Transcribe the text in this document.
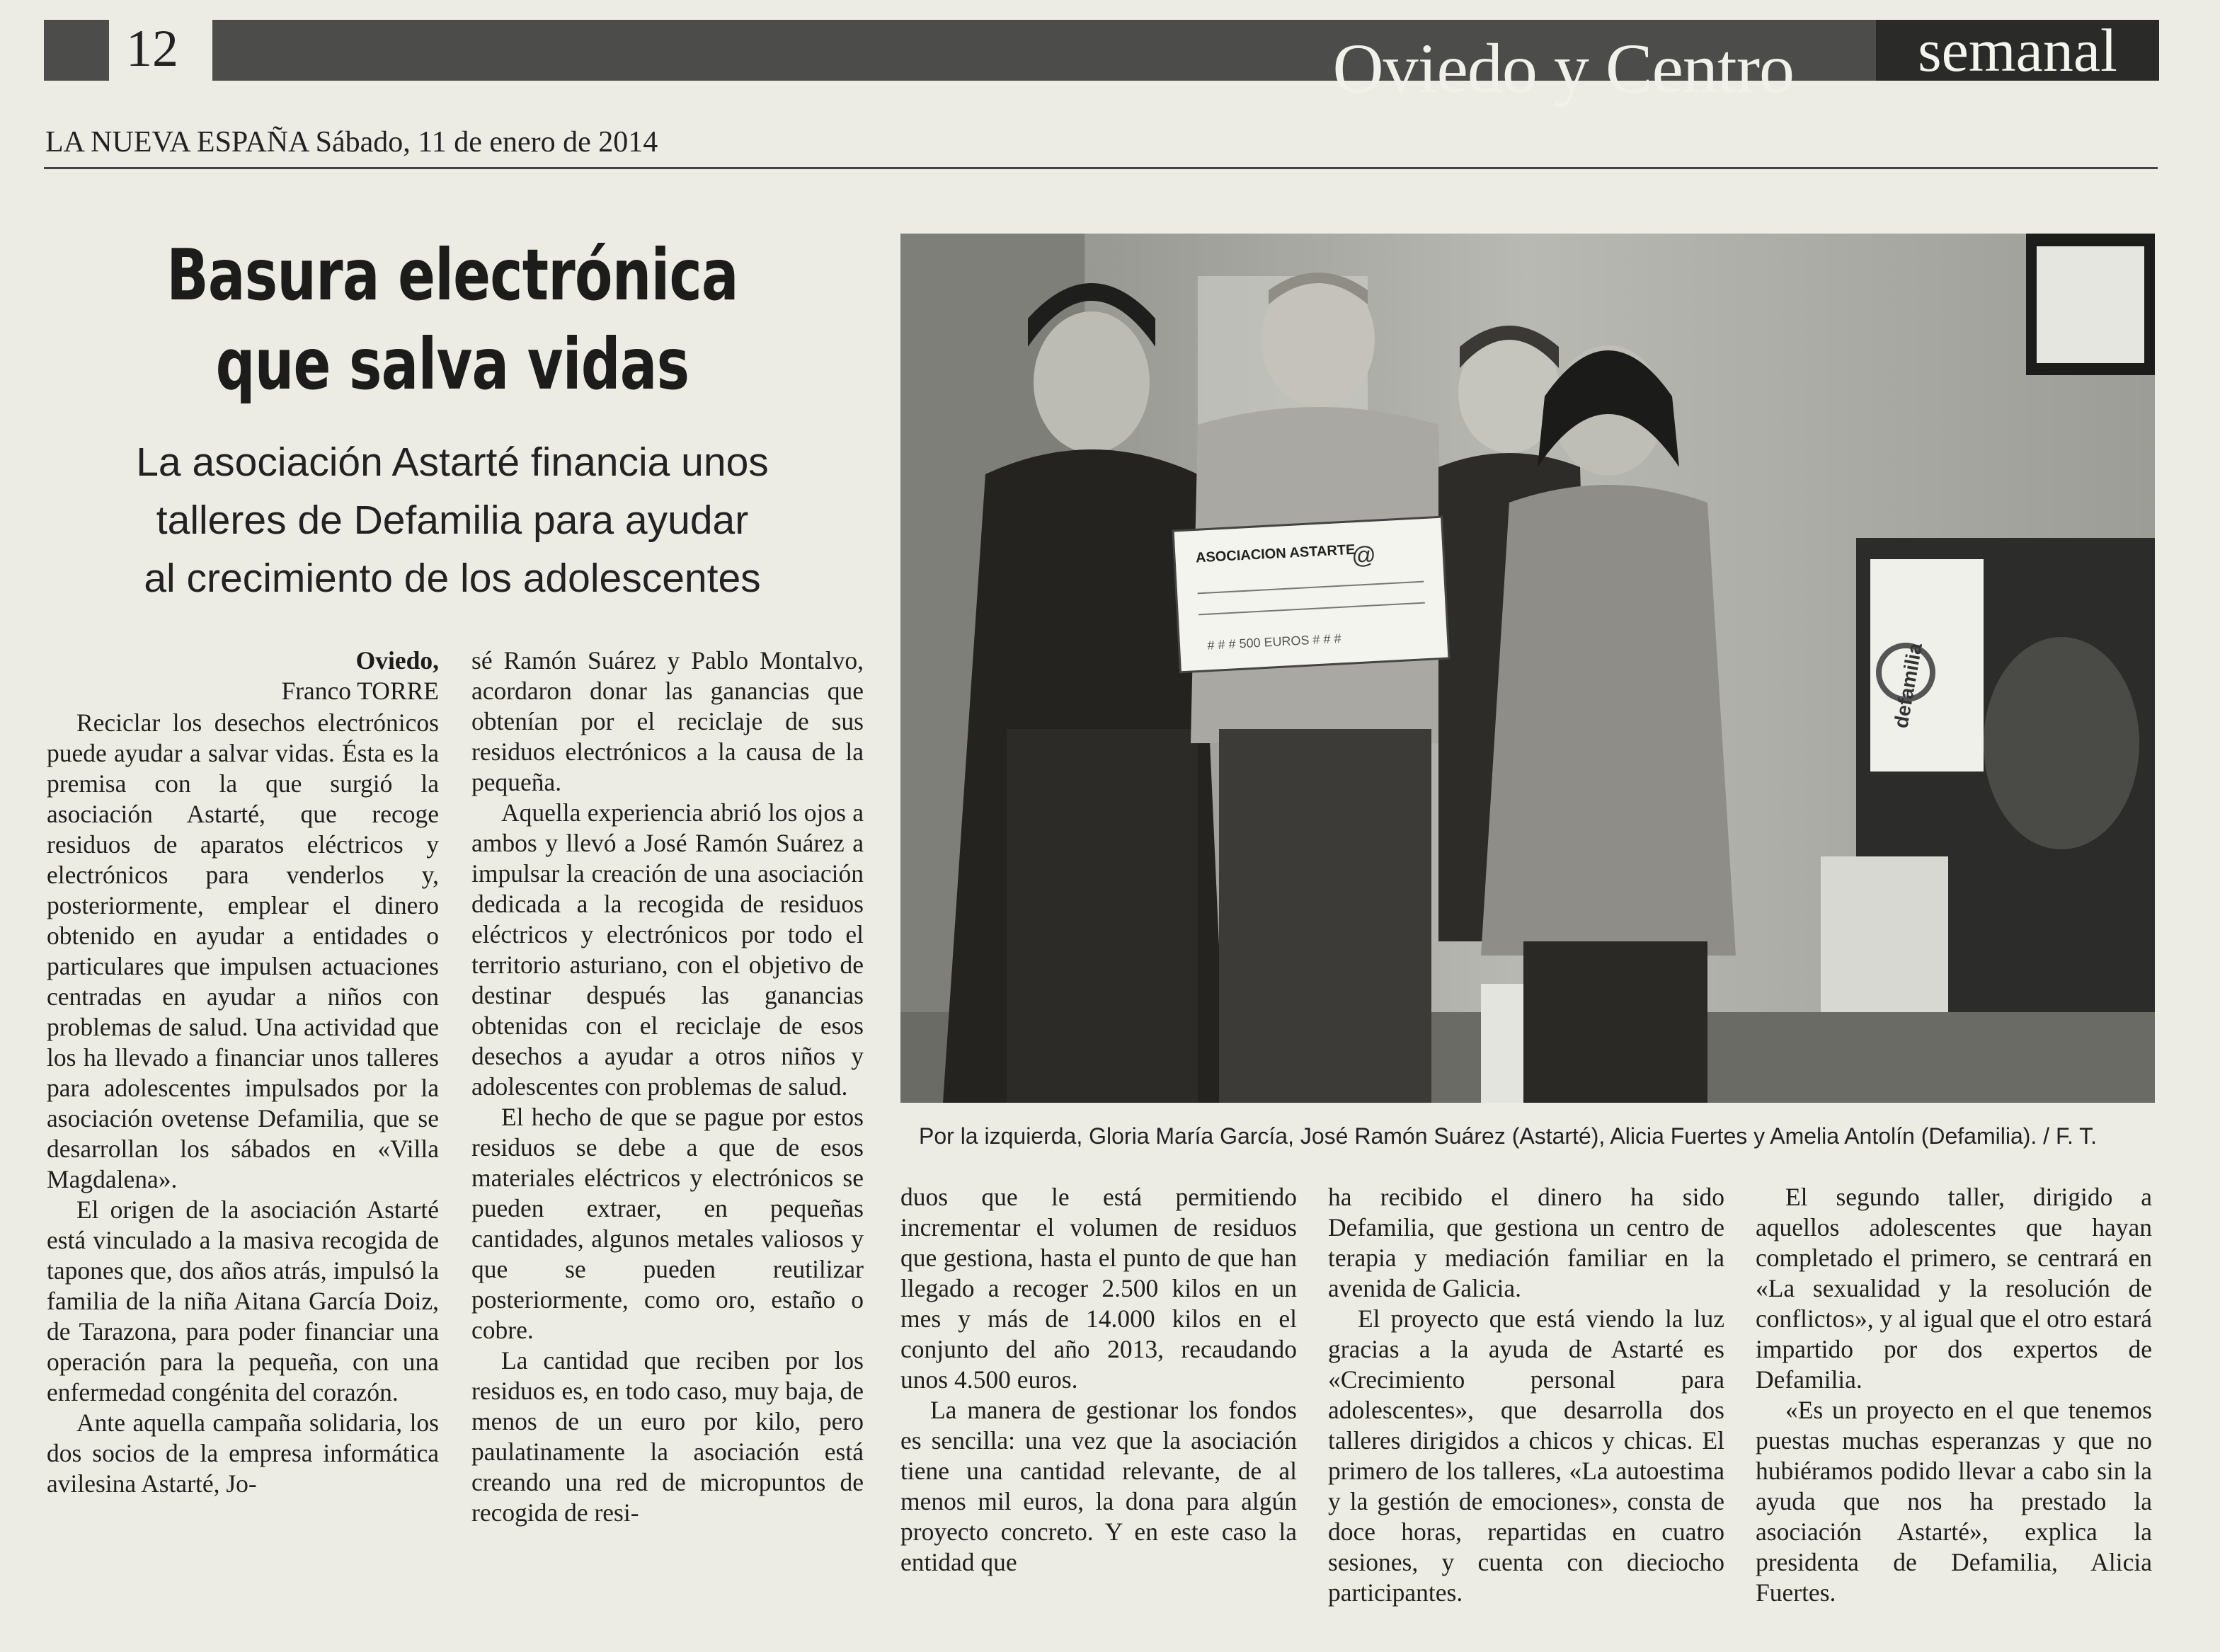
12	Oviedo y Centro	semanal
LA NUEVA ESPAÑA Sábado, 11 de enero de 2014
Basura electrónica
que salva vidas
La asociación Astarté financia unos
talleres de Defamilia para ayudar
al crecimiento de los adolescentes
defamilia
ASOCIACION ASTARTE
@
# # # 500 EUROS # # #
Por la izquierda, Gloria María García, José Ramón Suárez (Astarté), Alicia Fuertes y Amelia Antolín (Defamilia). / F. T.
Oviedo,
Franco TORRE

Reciclar los desechos electrónicos puede ayudar a salvar vidas. Ésta es la premisa con la que surgió la asociación Astarté, que recoge residuos de aparatos eléctricos y electrónicos para venderlos y, posteriormente, emplear el dinero obtenido en ayudar a entidades o particulares que impulsen actuaciones centradas en ayudar a niños con problemas de salud. Una actividad que los ha llevado a financiar unos talleres para adolescentes impulsados por la asociación ovetense Defamilia, que se desarrollan los sábados en «Villa Magdalena».

El origen de la asociación Astarté está vinculado a la masiva recogida de tapones que, dos años atrás, impulsó la familia de la niña Aitana García Doiz, de Tarazona, para poder financiar una operación para la pequeña, con una enfermedad congénita del corazón.

Ante aquella campaña solidaria, los dos socios de la empresa informática avilesina Astarté, Jo-

sé Ramón Suárez y Pablo Montalvo, acordaron donar las ganancias que obtenían por el reciclaje de sus residuos electrónicos a la causa de la pequeña.

Aquella experiencia abrió los ojos a ambos y llevó a José Ramón Suárez a impulsar la creación de una asociación dedicada a la recogida de residuos eléctricos y electrónicos por todo el territorio asturiano, con el objetivo de destinar después las ganancias obtenidas con el reciclaje de esos desechos a ayudar a otros niños y adolescentes con problemas de salud.

El hecho de que se pague por estos residuos se debe a que de esos materiales eléctricos y electrónicos se pueden extraer, en pequeñas cantidades, algunos metales valiosos y que se pueden reutilizar posteriormente, como oro, estaño o cobre.

La cantidad que reciben por los residuos es, en todo caso, muy baja, de menos de un euro por kilo, pero paulatinamente la asociación está creando una red de micropuntos de recogida de resi-

duos que le está permitiendo incrementar el volumen de residuos que gestiona, hasta el punto de que han llegado a recoger 2.500 kilos en un mes y más de 14.000 kilos en el conjunto del año 2013, recaudando unos 4.500 euros.

La manera de gestionar los fondos es sencilla: una vez que la asociación tiene una cantidad relevante, de al menos mil euros, la dona para algún proyecto concreto. Y en este caso la entidad que

ha recibido el dinero ha sido Defamilia, que gestiona un centro de terapia y mediación familiar en la avenida de Galicia.

El proyecto que está viendo la luz gracias a la ayuda de Astarté es «Crecimiento personal para adolescentes», que desarrolla dos talleres dirigidos a chicos y chicas. El primero de los talleres, «La autoestima y la gestión de emociones», consta de doce horas, repartidas en cuatro sesiones, y cuenta con dieciocho participantes.

El segundo taller, dirigido a aquellos adolescentes que hayan completado el primero, se centrará en «La sexualidad y la resolución de conflictos», y al igual que el otro estará impartido por dos expertos de Defamilia.

«Es un proyecto en el que tenemos puestas muchas esperanzas y que no hubiéramos podido llevar a cabo sin la ayuda que nos ha prestado la asociación Astarté», explica la presidenta de Defamilia, Alicia Fuertes.
